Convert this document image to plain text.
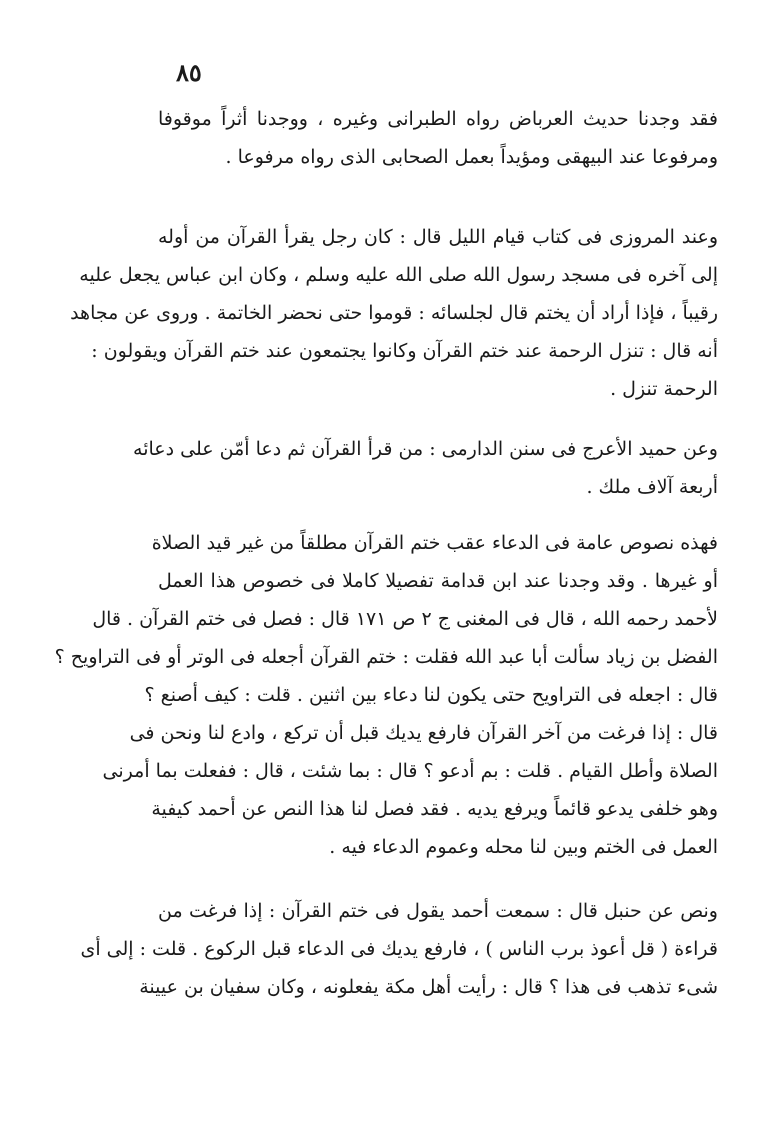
٨٥
فقد وجدنا حديث العرباض رواه الطبرانى وغيره ، ووجدنا أثراً موقوفا
ومرفوعا عند البيهقى ومؤيداً بعمل الصحابى الذى رواه مرفوعا .
وعند المروزى فى كتاب قيام الليل قال : كان رجل يقرأ القرآن من أوله
إلى آخره فى مسجد رسول الله صلى الله عليه وسلم ، وكان ابن عباس يجعل عليه
رقيباً ، فإذا أراد أن يختم قال لجلسائه : قوموا حتى نحضر الخاتمة . وروى عن مجاهد
أنه قال : تنزل الرحمة عند ختم القرآن وكانوا يجتمعون عند ختم القرآن ويقولون :
الرحمة تنزل .
وعن حميد الأعرج فى سنن الدارمى : من قرأ القرآن ثم دعا أمّن على دعائه
أربعة آلاف ملك .
فهذه نصوص عامة فى الدعاء عقب ختم القرآن مطلقاً من غير قيد الصلاة
أو غيرها . وقد وجدنا عند ابن قدامة تفصيلا كاملا فى خصوص هذا العمل
لأحمد رحمه الله ، قال فى المغنى ج ٢ ص ١٧١ قال : فصل فى ختم القرآن . قال
الفضل بن زياد سألت أبا عبد الله فقلت : ختم القرآن أجعله فى الوتر أو فى التراويح ؟
قال : اجعله فى التراويح حتى يكون لنا دعاء بين اثنين . قلت : كيف أصنع ؟
قال : إذا فرغت من آخر القرآن فارفع يديك قبل أن تركع ، وادع لنا ونحن فى
الصلاة وأطل القيام . قلت : بم أدعو ؟ قال : بما شئت ، قال : ففعلت بما أمرنى
وهو خلفى يدعو قائماً ويرفع يديه . فقد فصل لنا هذا النص عن أحمد كيفية
العمل فى الختم وبين لنا محله وعموم الدعاء فيه .
ونص عن حنبل قال : سمعت أحمد يقول فى ختم القرآن : إذا فرغت من
قراءة ( قل أعوذ برب الناس ) ، فارفع يديك فى الدعاء قبل الركوع . قلت : إلى أى
شىء تذهب فى هذا ؟ قال : رأيت أهل مكة يفعلونه ، وكان سفيان بن عيينة
